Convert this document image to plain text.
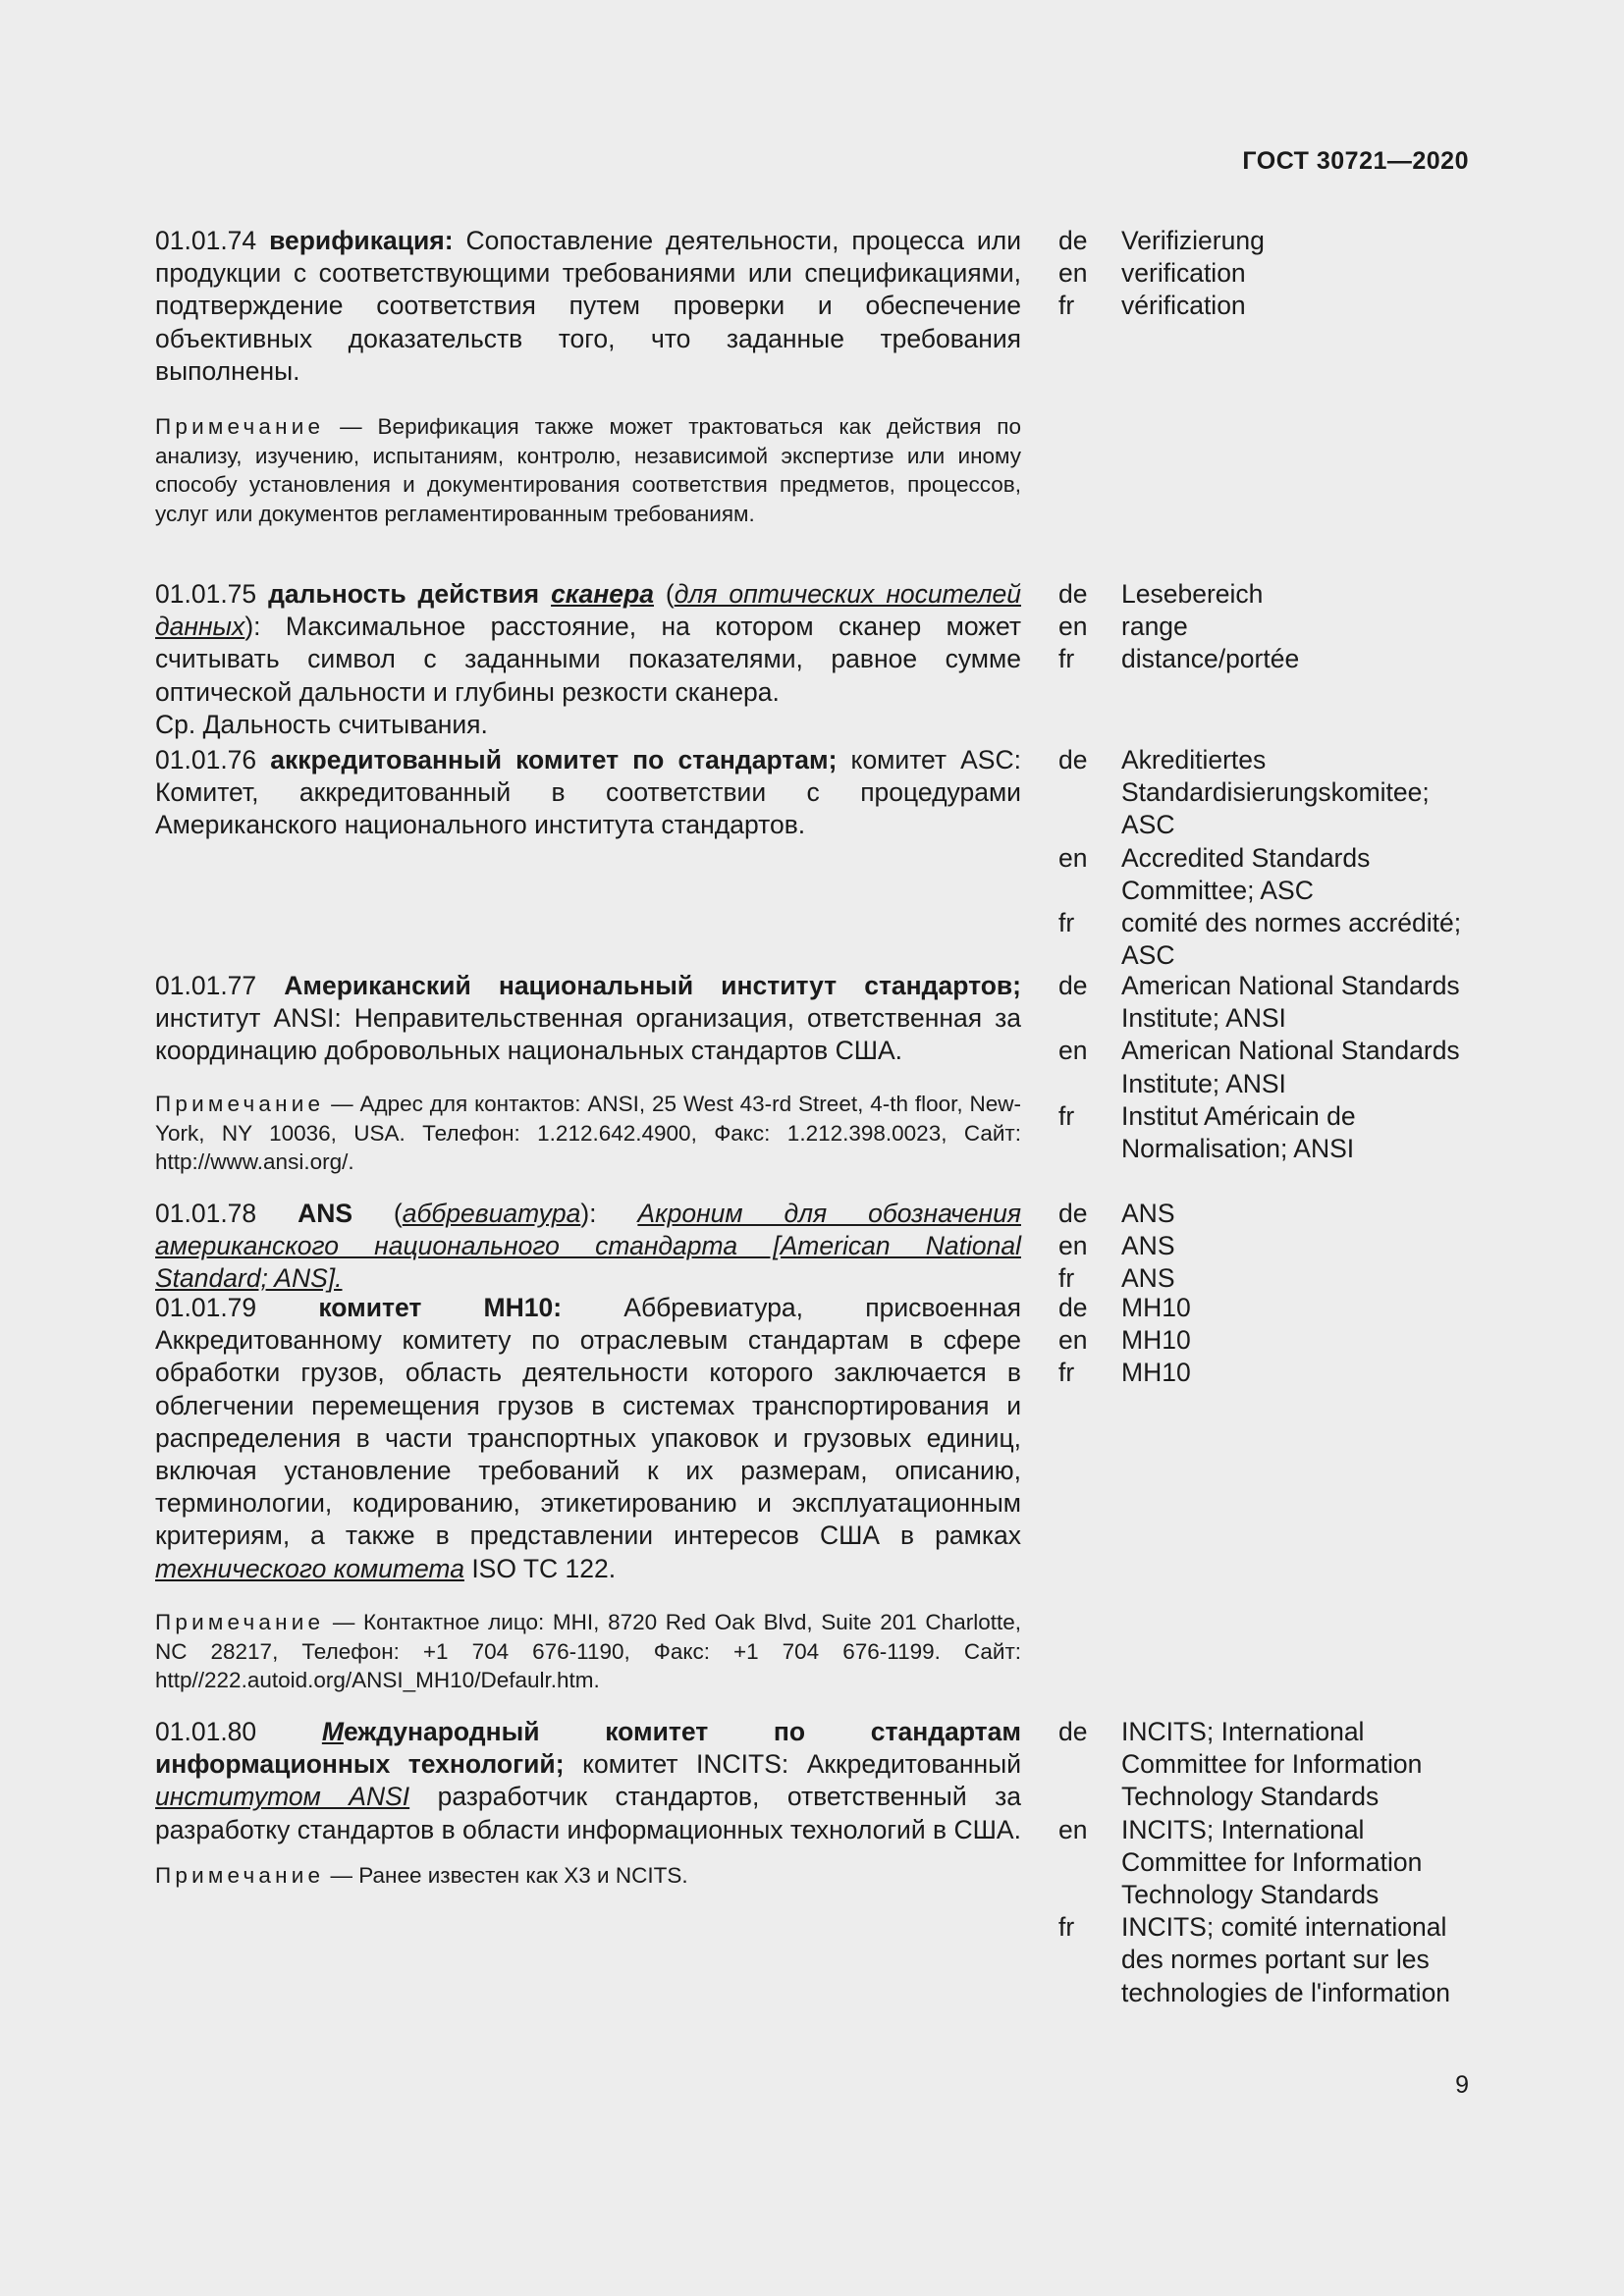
ГОСТ 30721—2020

01.01.74 верификация: Сопоставление деятельности, процесса или продукции с соответствующими требованиями или спецификациями, подтверждение соответствия путем проверки и обеспечение объективных доказательств того, что заданные требования выполнены.

Примечание — Верификация также может трактоваться как действия по анализу, изучению, испытаниям, контролю, независимой экспертизе или иному способу установления и документирования соответствия предметов, процессов, услуг или документов регламентированным требованиям.

de	Verifizierung
en	verification
fr	vérification

01.01.75 дальность действия сканера (для оптических носителей данных): Максимальное расстояние, на котором сканер может считывать символ с заданными показателями, равное сумме оптической дальности и глубины резкости сканера.

Ср. Дальность считывания.

de	Lesebereich
en	range
fr	distance/portée

01.01.76 аккредитованный комитет по стандартам; комитет ASC: Комитет, аккредитованный в соответствии с процедурами Американского национального института стандартов.

de	Akreditiertes Standardisierungskomitee; ASC
en	Accredited Standards Committee; ASC
fr	comité des normes accrédité; ASC

01.01.77 Американский национальный институт стандартов; институт ANSI: Неправительственная организация, ответственная за координацию добровольных национальных стандартов США.

Примечание — Адрес для контактов: ANSI, 25 West 43-rd Street, 4-th floor, New-York, NY 10036, USA. Телефон: 1.212.642.4900, Факс: 1.212.398.0023, Сайт: http://www.ansi.org/.

de	American National Standards Institute; ANSI
en	American National Standards Institute; ANSI
fr	Institut Américain de Normalisation; ANSI

01.01.78 ANS (аббревиатура): Акроним для обозначения американского национального стандарта [American National Standard; ANS].

de	ANS
en	ANS
fr	ANS

01.01.79 комитет MH10: Аббревиатура, присвоенная Аккредитованному комитету по отраслевым стандартам в сфере обработки грузов, область деятельности которого заключается в облегчении перемещения грузов в системах транспортирования и распределения в части транспортных упаковок и грузовых единиц, включая установление требований к их размерам, описанию, терминологии, кодированию, этикетированию и эксплуатационным критериям, а также в представлении интересов США в рамках технического комитета ISO TC 122.

Примечание — Контактное лицо: MHI, 8720 Red Oak Blvd, Suite 201 Charlotte, NC 28217, Телефон: +1 704 676-1190, Факс: +1 704 676-1199. Сайт: http//222.autoid.org/ANSI_MH10/Defaulr.htm.

de	MH10
en	MH10
fr	MH10

01.01.80	Международный комитет по стандартам информационных технологий; комитет INCITS: Аккредитованный институтом ANSI разработчик стандартов, ответственный за разработку стандартов в области информационных технологий в США.

Примечание — Ранее известен как X3 и NCITS.

de	INCITS; International Committee for Information Technology Standards
en	INCITS; International Committee for Information Technology Standards
fr	INCITS; comité international des normes portant sur les technologies de l'information
9
